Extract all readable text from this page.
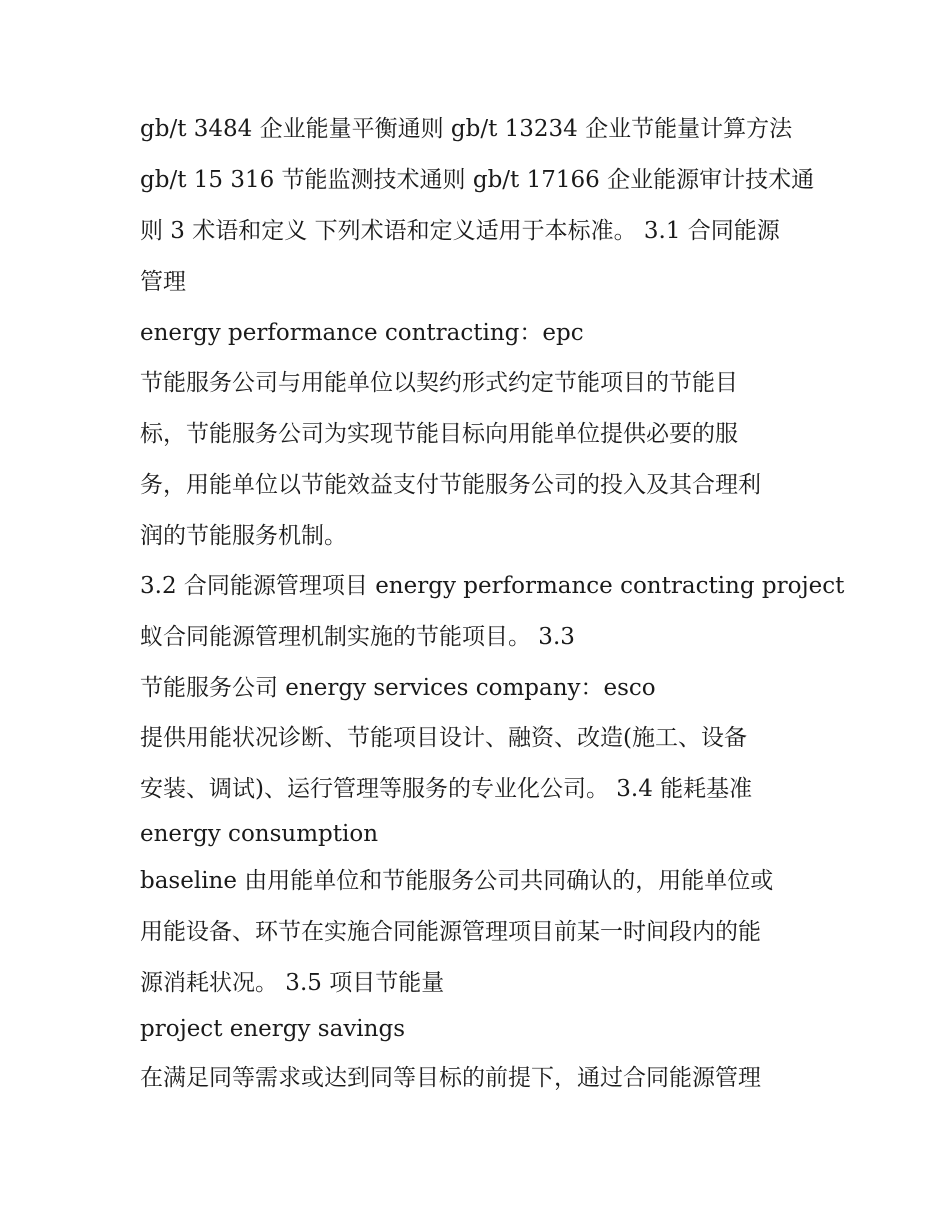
gb/t 3484 企业能量平衡通则 gb/t 13234 企业节能量计算方法
gb/t 15 316 节能监测技术通则 gb/t 17166 企业能源审计技术通
则 3 术语和定义 下列术语和定义适用于本标准。 3.1 合同能源
管理

energy performance contracting：epc

节能服务公司与用能单位以契约形式约定节能项目的节能目
标，节能服务公司为实现节能目标向用能单位提供必要的服
务，用能单位以节能效益支付节能服务公司的投入及其合理利
润的节能服务机制。

3.2 合同能源管理项目 energy performance contracting project

蚁合同能源管理机制实施的节能项目。 3.3

节能服务公司 energy services company：esco

提供用能状况诊断、节能项目设计、融资、改造(施工、设备
安装、调试)、运行管理等服务的专业化公司。 3.4 能耗基准

energy consumption

baseline 由用能单位和节能服务公司共同确认的，用能单位或
用能设备、环节在实施合同能源管理项目前某一时间段内的能
源消耗状况。 3.5 项目节能量

project energy savings

在满足同等需求或达到同等目标的前提下，通过合同能源管理
